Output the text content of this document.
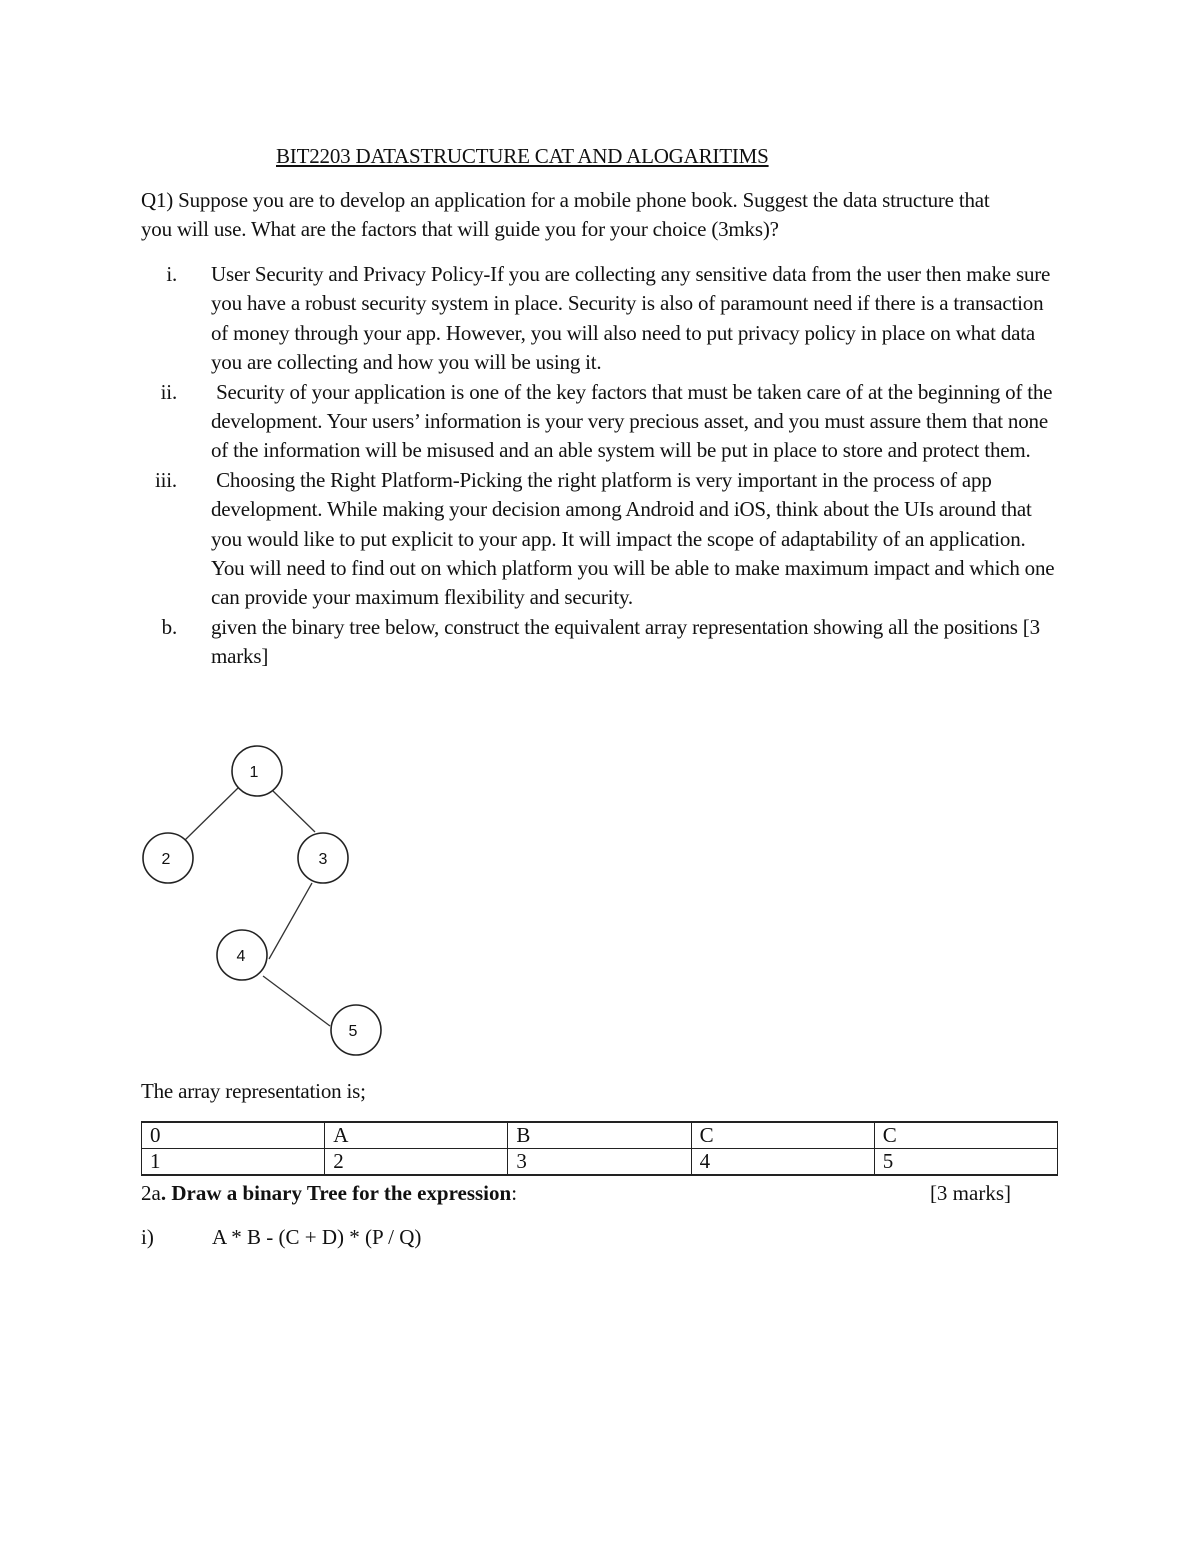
BIT2203 DATASTRUCTURE CAT AND ALOGARITIMS
Q1) Suppose you are to develop an application for a mobile phone book. Suggest the data structure that you will use. What are the factors that will guide you for your choice (3mks)?
i. User Security and Privacy Policy-If you are collecting any sensitive data from the user then make sure you have a robust security system in place. Security is also of paramount need if there is a transaction of money through your app. However, you will also need to put privacy policy in place on what data you are collecting and how you will be using it.
ii. Security of your application is one of the key factors that must be taken care of at the beginning of the development. Your users’ information is your very precious asset, and you must assure them that none of the information will be misused and an able system will be put in place to store and protect them.
iii. Choosing the Right Platform-Picking the right platform is very important in the process of app development. While making your decision among Android and iOS, think about the UIs around that you would like to put explicit to your app. It will impact the scope of adaptability of an application. You will need to find out on which platform you will be able to make maximum impact and which one can provide your maximum flexibility and security.
b. given the binary tree below, construct the equivalent array representation showing all the positions [3 marks]
1
2	3
4
5
The array representation is;
0	A	B	C	C
1	2	3	4	5
2a. Draw a binary Tree for the expression:	[3 marks]
i)	A * B - (C + D) * (P / Q)
